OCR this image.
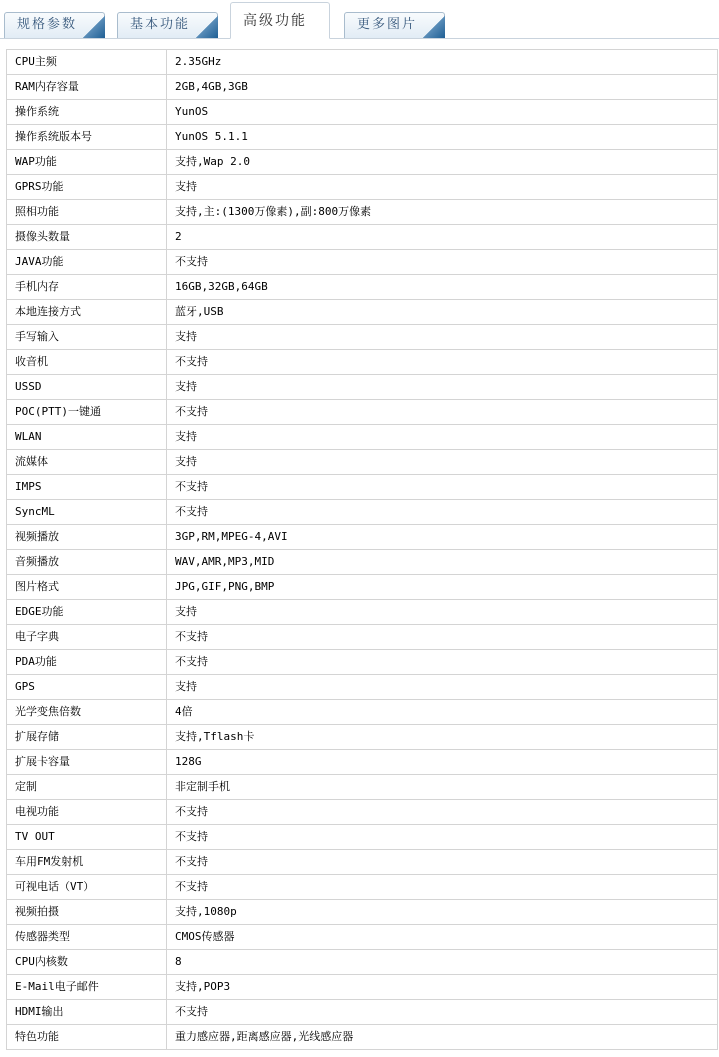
规格参数	基本功能	高级功能	更多图片
CPU主频	2.35GHz
RAM内存容量	2GB,4GB,3GB
操作系统	YunOS
操作系统版本号	YunOS 5.1.1
WAP功能	支持,Wap 2.0
GPRS功能	支持
照相功能	支持,主:(1300万像素),副:800万像素
摄像头数量	2
JAVA功能	不支持
手机内存	16GB,32GB,64GB
本地连接方式	蓝牙,USB
手写输入	支持
收音机	不支持
USSD	支持
POC(PTT)一键通	不支持
WLAN	支持
流媒体	支持
IMPS	不支持
SyncML	不支持
视频播放	3GP,RM,MPEG-4,AVI
音频播放	WAV,AMR,MP3,MID
图片格式	JPG,GIF,PNG,BMP
EDGE功能	支持
电子字典	不支持
PDA功能	不支持
GPS	支持
光学变焦倍数	4倍
扩展存储	支持,Tflash卡
扩展卡容量	128G
定制	非定制手机
电视功能	不支持
TV OUT	不支持
车用FM发射机	不支持
可视电话（VT）	不支持
视频拍摄	支持,1080p
传感器类型	CMOS传感器
CPU内核数	8
E-Mail电子邮件	支持,POP3
HDMI输出	不支持
特色功能	重力感应器,距离感应器,光线感应器
